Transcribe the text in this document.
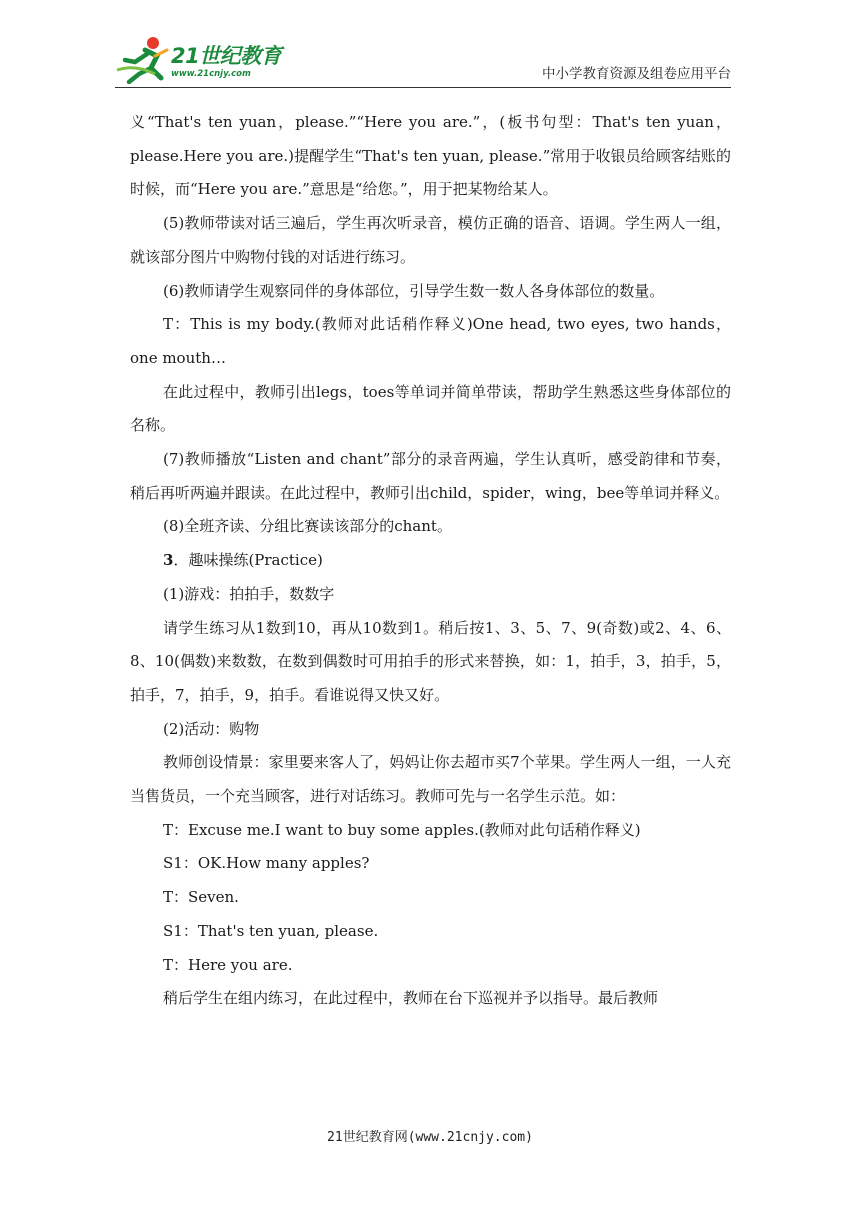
21世纪教育
www.21cnjy.com	中小学教育资源及组卷应用平台

义“That's ten yuan，please.”“Here you are.”，(板书句型：That's ten yuan，please.Here you are.)提醒学生“That's ten yuan, please.”常用于收银员给顾客结账的时候，而“Here you are.”意思是“给您。”，用于把某物给某人。

(5)教师带读对话三遍后，学生再次听录音，模仿正确的语音、语调。学生两人一组，就该部分图片中购物付钱的对话进行练习。

(6)教师请学生观察同伴的身体部位，引导学生数一数人各身体部位的数量。

T：This is my body.(教师对此话稍作释义)One head, two eyes, two hands，one mouth…

在此过程中，教师引出legs，toes等单词并简单带读，帮助学生熟悉这些身体部位的名称。

(7)教师播放“Listen and chant”部分的录音两遍，学生认真听，感受韵律和节奏，稍后再听两遍并跟读。在此过程中，教师引出child，spider，wing，bee等单词并释义。

(8)全班齐读、分组比赛读该部分的chant。

3．趣味操练(Practice)

(1)游戏：拍拍手，数数字

请学生练习从1数到10，再从10数到1。稍后按1、3、5、7、9(奇数)或2、4、6、8、10(偶数)来数数，在数到偶数时可用拍手的形式来替换，如：1，拍手，3，拍手，5，拍手，7，拍手，9，拍手。看谁说得又快又好。

(2)活动：购物

教师创设情景：家里要来客人了，妈妈让你去超市买7个苹果。学生两人一组，一人充当售货员，一个充当顾客，进行对话练习。教师可先与一名学生示范。如：

T：Excuse me.I want to buy some apples.(教师对此句话稍作释义)

S1：OK.How many apples?

T：Seven.

S1：That's ten yuan, please.

T：Here you are.

稍后学生在组内练习，在此过程中，教师在台下巡视并予以指导。最后教师

21世纪教育网(www.21cnjy.com)
